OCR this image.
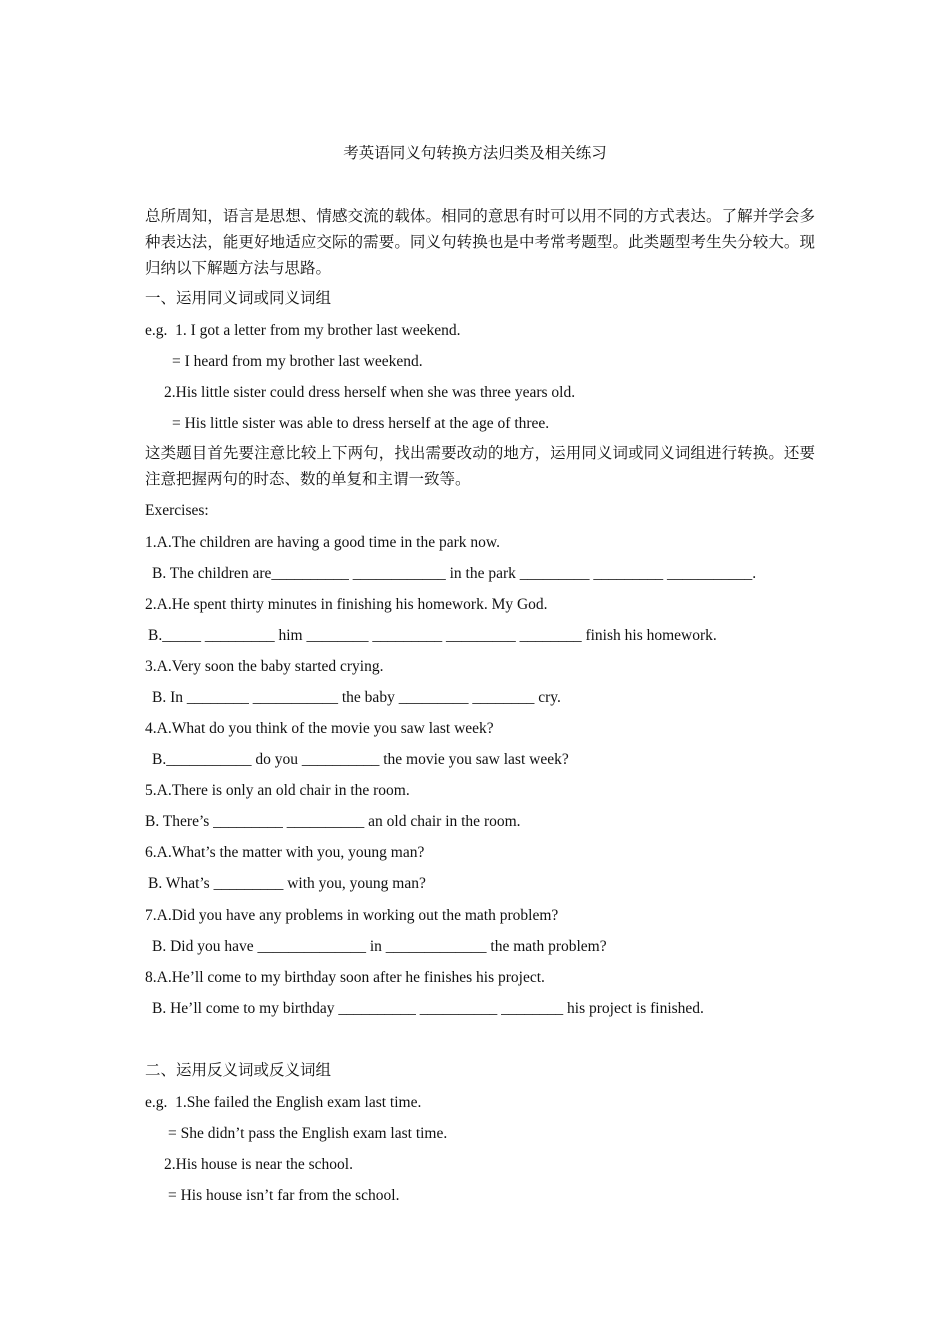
考英语同义句转换方法归类及相关练习
总所周知，语言是思想、情感交流的载体。相同的意思有时可以用不同的方式表达。了解并学会多种表达法，能更好地适应交际的需要。同义句转换也是中考常考题型。此类题型考生失分较大。现归纳以下解题方法与思路。
一、运用同义词或同义词组
e.g.  1. I got a letter from my brother last weekend.
= I heard from my brother last weekend.
2.His little sister could dress herself when she was three years old.
= His little sister was able to dress herself at the age of three.
这类题目首先要注意比较上下两句，找出需要改动的地方，运用同义词或同义词组进行转换。还要注意把握两句的时态、数的单复和主谓一致等。
Exercises:
1.A.The children are having a good time in the park now.
B. The children are__________ ____________ in the park _________ _________ ___________.
2.A.He spent thirty minutes in finishing his homework. My God.
B._____ _________ him ________ _________ _________ ________ finish his homework.
3.A.Very soon the baby started crying.
B. In ________ ___________ the baby _________ ________ cry.
4.A.What do you think of the movie you saw last week?
B.___________ do you __________ the movie you saw last week?
5.A.There is only an old chair in the room.
B. There’s _________ __________ an old chair in the room.
6.A.What’s the matter with you, young man?
B. What’s _________ with you, young man?
7.A.Did you have any problems in working out the math problem?
B. Did you have ______________ in _____________ the math problem?
8.A.He’ll come to my birthday soon after he finishes his project.
B. He’ll come to my birthday __________ __________ ________ his project is finished.
二、运用反义词或反义词组
e.g.  1.She failed the English exam last time.
= She didn’t pass the English exam last time.
2.His house is near the school.
= His house isn’t far from the school.
